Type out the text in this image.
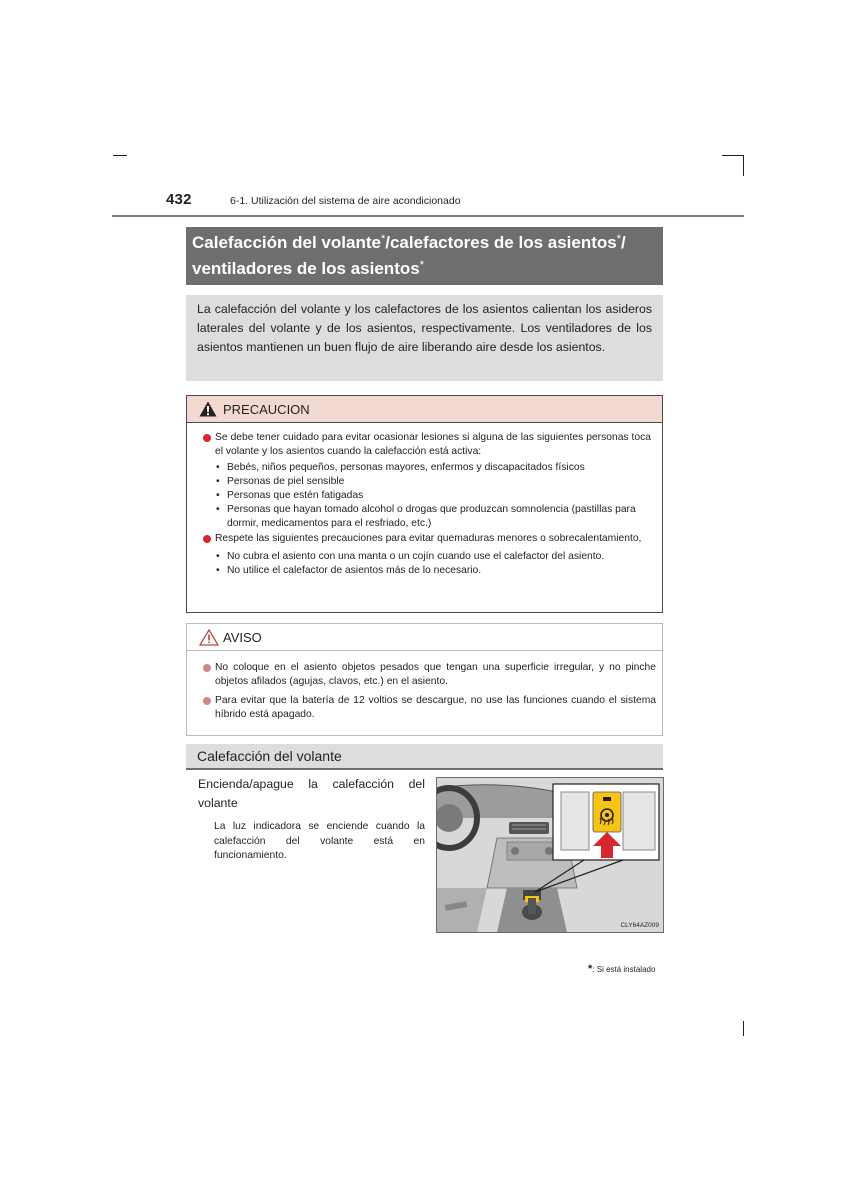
432	6-1. Utilización del sistema de aire acondicionado
Calefacción del volante*/calefactores de los asientos*/
ventiladores de los asientos*
La calefacción del volante y los calefactores de los asientos calientan los asideros laterales del volante y de los asientos, respectivamente. Los ventiladores de los asientos mantienen un buen flujo de aire liberando aire desde los asientos.
PRECAUCION
Se debe tener cuidado para evitar ocasionar lesiones si alguna de las siguientes personas toca el volante y los asientos cuando la calefacción está activa:
• Bebés, niños pequeños, personas mayores, enfermos y discapacitados físicos
• Personas de piel sensible
• Personas que estén fatigadas
• Personas que hayan tomado alcohol o drogas que produzcan somnolencia (pastillas para dormir, medicamentos para el resfriado, etc.)
Respete las siguientes precauciones para evitar quemaduras menores o sobrecalentamiento,
• No cubra el asiento con una manta o un cojín cuando use el calefactor del asiento.
• No utilice el calefactor de asientos más de lo necesario.
AVISO
No coloque en el asiento objetos pesados que tengan una superficie irregular, y no pinche objetos afilados (agujas, clavos, etc.) en el asiento.
Para evitar que la batería de 12 voltios se descargue, no use las funciones cuando el sistema híbrido está apagado.
Calefacción del volante
Encienda/apague la calefacción del volante
La luz indicadora se enciende cuando la calefacción del volante está en funcionamiento.
CLY64AZ009
*: Si está instalado
